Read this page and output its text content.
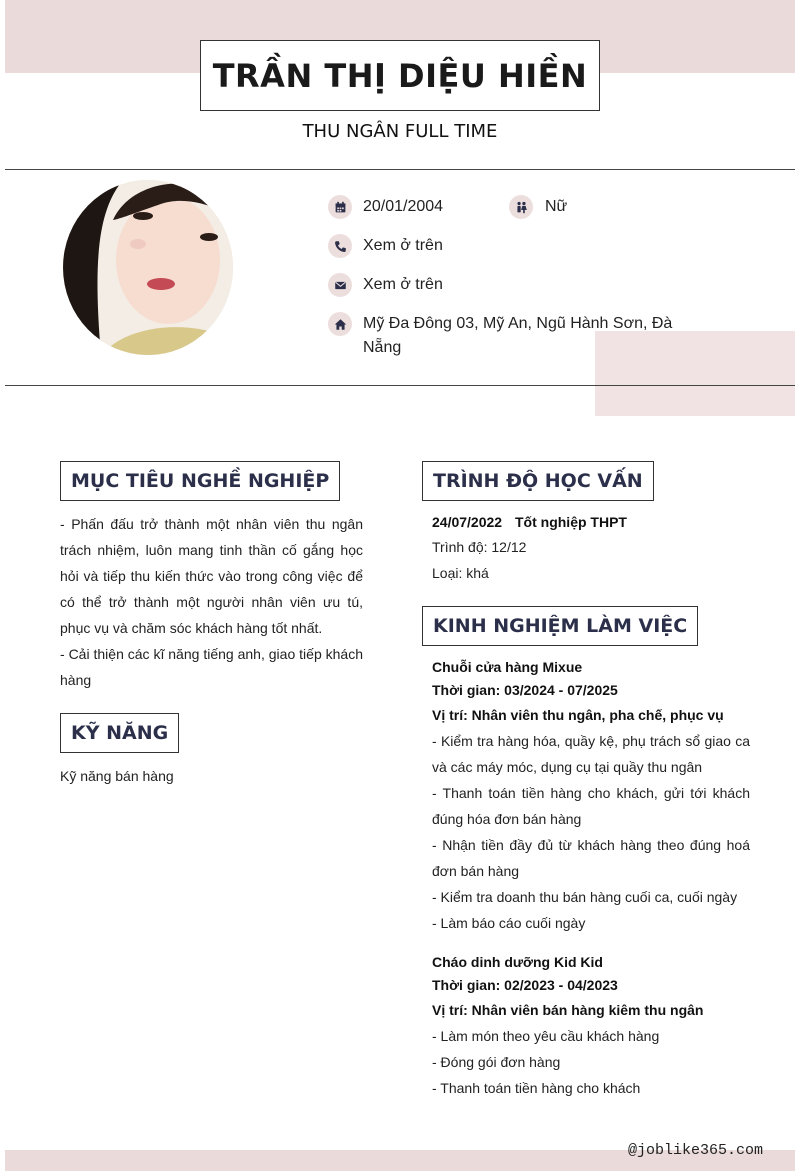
TRẦN THỊ DIỆU HIỀN
THU NGÂN FULL TIME
20/01/2004	Nữ
Xem ở trên
Xem ở trên
Mỹ Đa Đông 03, Mỹ An, Ngũ Hành Sơn, Đà
Nẵng
MỤC TIÊU NGHỀ NGHIỆP

- Phấn đấu trở thành một nhân viên thu ngân trách nhiệm, luôn mang tinh thần cố gắng học hỏi và tiếp thu kiến thức vào trong công việc để có thể trở thành một người nhân viên ưu tú, phục vụ và chăm sóc khách hàng tốt nhất.

- Cải thiện các kĩ năng tiếng anh, giao tiếp khách hàng

KỸ NĂNG
Kỹ năng bán hàng
TRÌNH ĐỘ HỌC VẤN
24/07/2022 Tốt nghiệp THPT
Trình độ: 12/12
Loại: khá
KINH NGHIỆM LÀM VIỆC
Chuỗi cửa hàng Mixue
Thời gian: 03/2024 - 07/2025
Vị trí: Nhân viên thu ngân, pha chế, phục vụ

- Kiểm tra hàng hóa, quầy kệ, phụ trách sổ giao ca và các máy móc, dụng cụ tại quầy thu ngân

- Thanh toán tiền hàng cho khách, gửi tới khách đúng hóa đơn bán hàng

- Nhận tiền đầy đủ từ khách hàng theo đúng hoá đơn bán hàng

- Kiểm tra doanh thu bán hàng cuối ca, cuối ngày

- Làm báo cáo cuối ngày

Cháo dinh dưỡng Kid Kid
Thời gian: 02/2023 - 04/2023
Vị trí: Nhân viên bán hàng kiêm thu ngân

- Làm món theo yêu cầu khách hàng

- Đóng gói đơn hàng

- Thanh toán tiền hàng cho khách

@joblike365.com
